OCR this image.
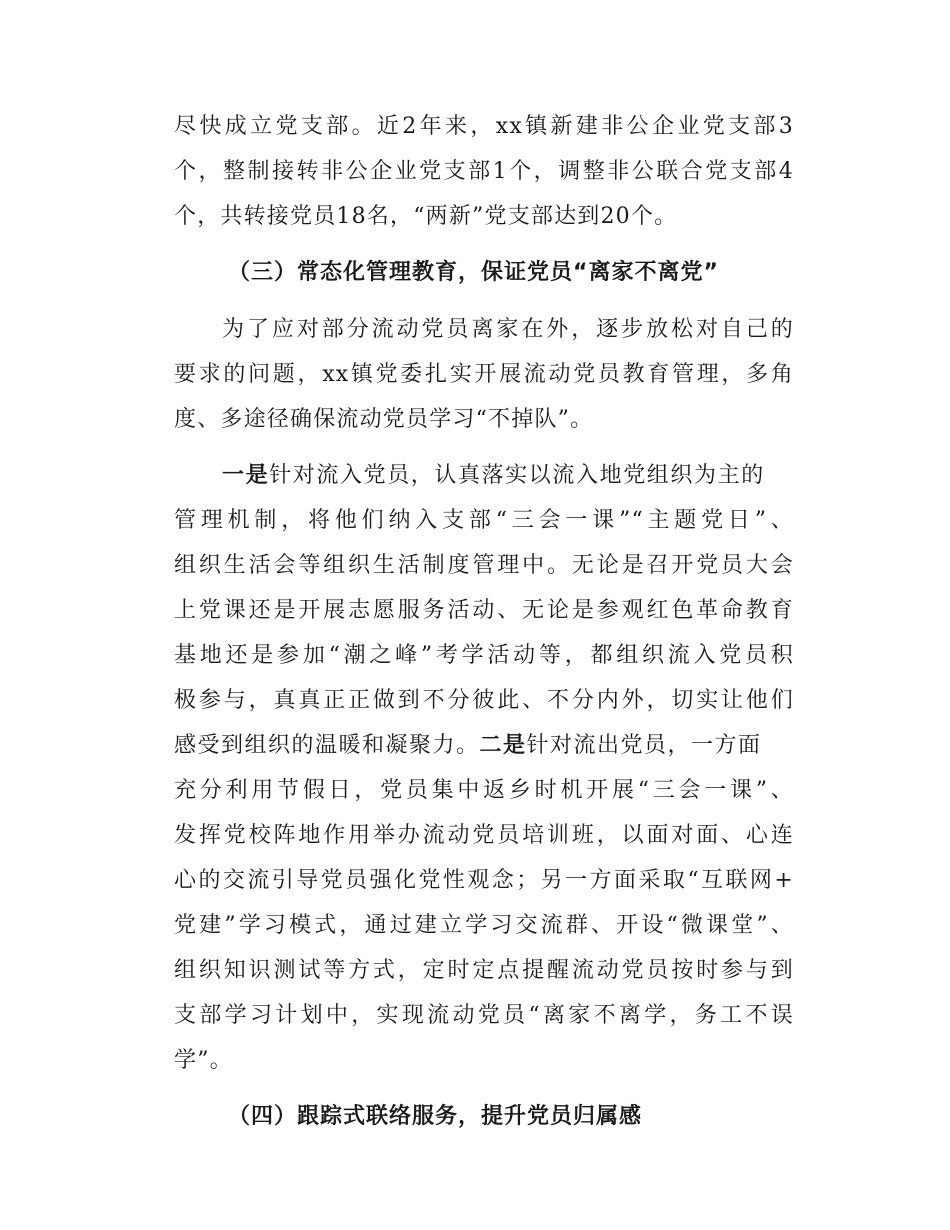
尽快成立党支部。近2年来，xx镇新建非公企业党支部3
个，整制接转非公企业党支部1个，调整非公联合党支部4
个，共转接党员18名，“两新”党支部达到20个。
（三）常态化管理教育，保证党员“离家不离党”
为了应对部分流动党员离家在外，逐步放松对自己的
要求的问题，xx镇党委扎实开展流动党员教育管理，多角
度、多途径确保流动党员学习“不掉队”。
一是针对流入党员，认真落实以流入地党组织为主的
管理机制，将他们纳入支部“三会一课”“主题党日”、
组织生活会等组织生活制度管理中。无论是召开党员大会
上党课还是开展志愿服务活动、无论是参观红色革命教育
基地还是参加“潮之峰”考学活动等，都组织流入党员积
极参与，真真正正做到不分彼此、不分内外，切实让他们
感受到组织的温暖和凝聚力。二是针对流出党员，一方面
充分利用节假日，党员集中返乡时机开展“三会一课”、
发挥党校阵地作用举办流动党员培训班，以面对面、心连
心的交流引导党员强化党性观念；另一方面采取“互联网+
党建”学习模式，通过建立学习交流群、开设“微课堂”、
组织知识测试等方式，定时定点提醒流动党员按时参与到
支部学习计划中，实现流动党员“离家不离学，务工不误
学”。
（四）跟踪式联络服务，提升党员归属感
